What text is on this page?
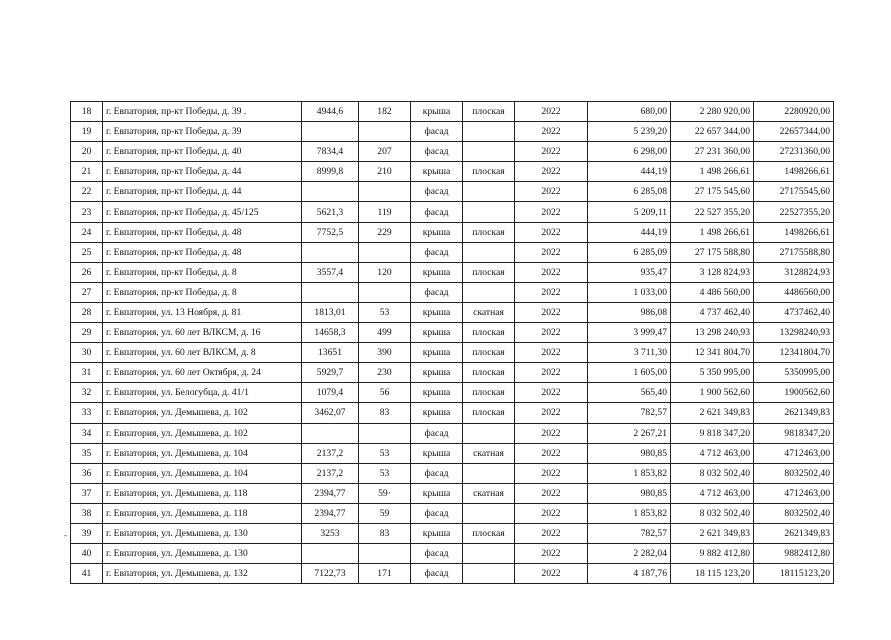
18	г. Евпатория, пр-кт Победы, д. 39 .	4944,6	182	крыша	плоская	2022	680,00	2 280 920,00	2280920,00
19	г. Евпатория, пр-кт Победы, д. 39			фасад		2022	5 239,20	22 657 344,00	22657344,00
20	г. Евпатория, пр-кт Победы, д. 40	7834,4	207	фасад		2022	6 298,00	27 231 360,00	27231360,00
21	г. Евпатория, пр-кт Победы, д. 44	8999,8	210	крыша	плоская	2022	444,19	1 498 266,61	1498266,61
22	г. Евпатория, пр-кт Победы, д. 44			фасад		2022	6 285,08	27 175 545,60	27175545,60
23	г. Евпатория, пр-кт Победы, д. 45/125	5621,3	119	фасад		2022	5 209,11	22 527 355,20	22527355,20
24	г. Евпатория, пр-кт Победы, д. 48	7752,5	229	крыша	плоская	2022	444,19	1 498 266,61	1498266,61
25	г. Евпатория, пр-кт Победы, д. 48			фасад		2022	6 285,09	27 175 588,80	27175588,80
26	г. Евпатория, пр-кт Победы, д. 8	3557,4	120	крыша	плоская	2022	935,47	3 128 824,93	3128824,93
27	г. Евпатория, пр-кт Победы, д. 8			фасад		2022	1 033,00	4 486 560,00	4486560,00
28	г. Евпатория, ул. 13 Ноября, д. 81	1813,01	53	крыша	скатная	2022	986,08	4 737 462,40	4737462,40
29	г. Евпатория, ул. 60 лет ВЛКСМ, д. 16	14658,3	499	крыша	плоская	2022	3 999,47	13 298 240,93	13298240,93
30	г. Евпатория, ул. 60 лет ВЛКСМ, д. 8	13651	390	крыша	плоская	2022	3 711,30	12 341 804,70	12341804,70
31	г. Евпатория, ул. 60 лет Октября, д. 24	5929,7	230	крыша	плоская	2022	1 605,00	5 350 995,00	5350995,00
32	г. Евпатория, ул. Белогубца, д. 41/1	1079,4	56	крыша	плоская	2022	565,40	1 900 562,60	1900562,60
33	г. Евпатория, ул. Демышева, д. 102	3462,07	83	крыша	плоская	2022	782,57	2 621 349,83	2621349,83
34	г. Евпатория, ул. Демышева, д. 102			фасад		2022	2 267,21	9 818 347,20	9818347,20
35	г. Евпатория, ул. Демышева, д. 104	2137,2	53	крыша	скатная	2022	980,85	4 712 463,00	4712463,00
36	г. Евпатория, ул. Демышева, д. 104	2137,2	53	фасад		2022	1 853,82	8 032 502,40	8032502,40
37	г. Евпатория, ул. Демышева, д. 118	2394,77	59·	крыша	скатная	2022	980,85	4 712 463,00	4712463,00
38	г. Евпатория, ул. Демышева, д. 118	2394,77	59	фасад		2022	1 853,82	8 032 502,40	8032502,40
39	г. Евпатория, ул. Демышева, д. 130	3253	83	крыша	плоская	2022	782,57	2 621 349,83	2621349,83
40	г. Евпатория, ул. Демышева, д. 130			фасад		2022	2 282,04	9 882 412,80	9882412,80
41	г. Евпатория, ул. Демышева, д. 132	7122,73	171	фасад		2022	4 187,76	18 115 123,20	18115123,20
-
